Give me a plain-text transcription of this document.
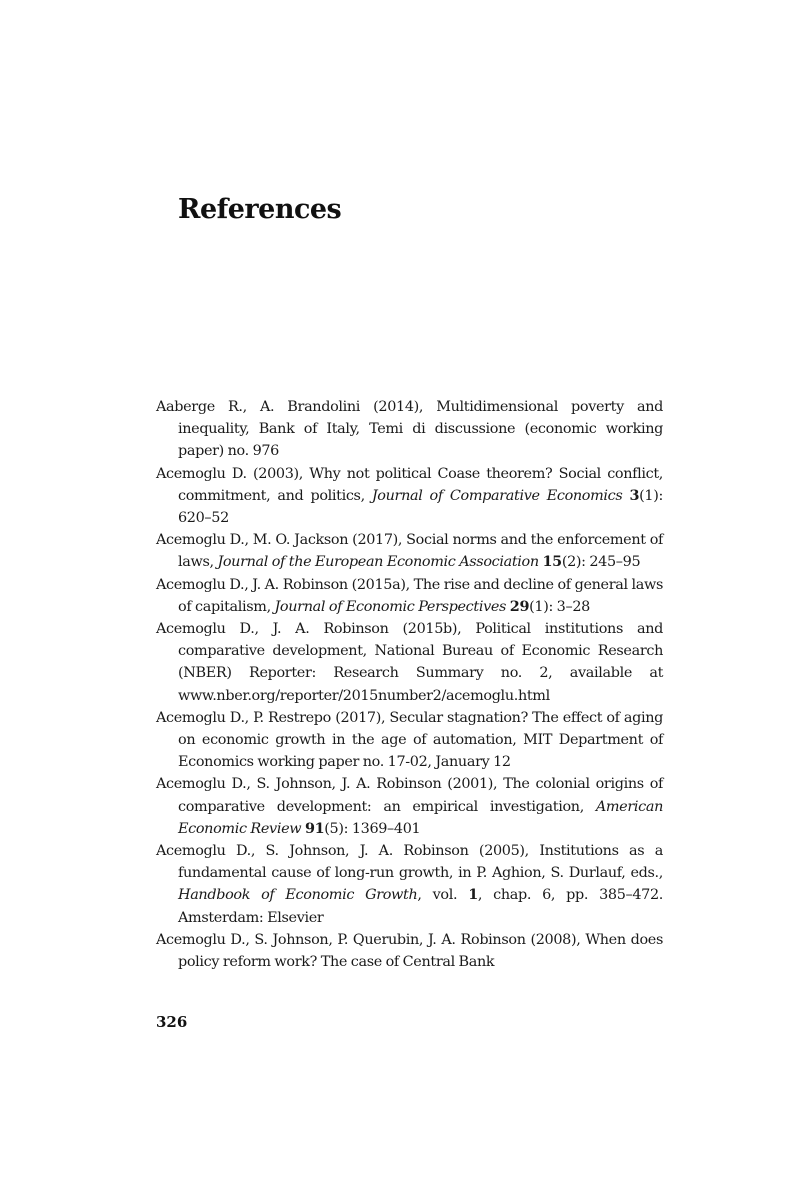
References
Aaberge R., A. Brandolini (2014), Multidimensional poverty and inequality, Bank of Italy, Temi di discussione (economic working paper) no. 976
Acemoglu D. (2003), Why not political Coase theorem? Social conflict, commitment, and politics, Journal of Comparative Economics 3(1): 620–52
Acemoglu D., M. O. Jackson (2017), Social norms and the enforcement of laws, Journal of the European Economic Association 15(2): 245–95
Acemoglu D., J. A. Robinson (2015a), The rise and decline of general laws of capitalism, Journal of Economic Perspectives 29(1): 3–28
Acemoglu D., J. A. Robinson (2015b), Political institutions and comparative development, National Bureau of Economic Research (NBER) Reporter: Research Summary no. 2, available at www.nber.org/reporter/2015number2/acemoglu.html
Acemoglu D., P. Restrepo (2017), Secular stagnation? The effect of aging on economic growth in the age of automation, MIT Department of Economics working paper no. 17-02, January 12
Acemoglu D., S. Johnson, J. A. Robinson (2001), The colonial origins of comparative development: an empirical investigation, American Economic Review 91(5): 1369–401
Acemoglu D., S. Johnson, J. A. Robinson (2005), Institutions as a fundamental cause of long-run growth, in P. Aghion, S. Durlauf, eds., Handbook of Economic Growth, vol. 1, chap. 6, pp. 385–472. Amsterdam: Elsevier
Acemoglu D., S. Johnson, P. Querubin, J. A. Robinson (2008), When does policy reform work? The case of Central Bank
326
